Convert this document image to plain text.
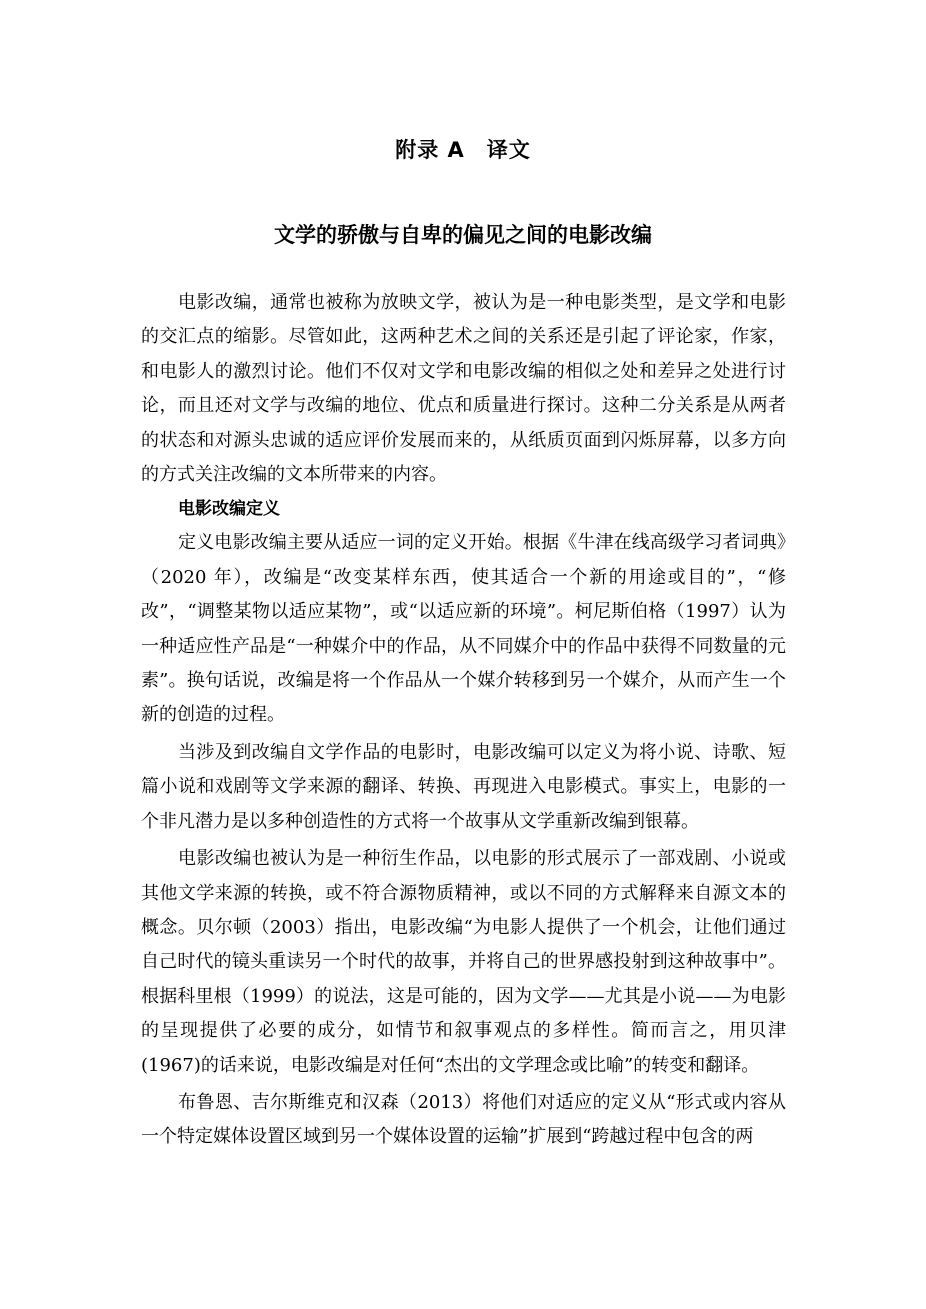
附录 A　译文
文学的骄傲与自卑的偏见之间的电影改编

电影改编，通常也被称为放映文学，被认为是一种电影类型，是文学和电影的交汇点的缩影。尽管如此，这两种艺术之间的关系还是引起了评论家，作家，和电影人的激烈讨论。他们不仅对文学和电影改编的相似之处和差异之处进行讨论，而且还对文学与改编的地位、优点和质量进行探讨。这种二分关系是从两者的状态和对源头忠诚的适应评价发展而来的，从纸质页面到闪烁屏幕，以多方向的方式关注改编的文本所带来的内容。

电影改编定义

定义电影改编主要从适应一词的定义开始。根据《牛津在线高级学习者词典》（2020 年），改编是“改变某样东西，使其适合一个新的用途或目的”，“修改”，“调整某物以适应某物”，或“以适应新的环境”。柯尼斯伯格（1997）认为一种适应性产品是“一种媒介中的作品，从不同媒介中的作品中获得不同数量的元素”。换句话说，改编是将一个作品从一个媒介转移到另一个媒介，从而产生一个新的创造的过程。

当涉及到改编自文学作品的电影时，电影改编可以定义为将小说、诗歌、短篇小说和戏剧等文学来源的翻译、转换、再现进入电影模式。事实上，电影的一个非凡潜力是以多种创造性的方式将一个故事从文学重新改编到银幕。

电影改编也被认为是一种衍生作品，以电影的形式展示了一部戏剧、小说或其他文学来源的转换，或不符合源物质精神，或以不同的方式解释来自源文本的概念。贝尔顿（2003）指出，电影改编“为电影人提供了一个机会，让他们通过自己时代的镜头重读另一个时代的故事，并将自己的世界感投射到这种故事中”。根据科里根（1999）的说法，这是可能的，因为文学——尤其是小说——为电影的呈现提供了必要的成分，如情节和叙事观点的多样性。简而言之，用贝津(1967)的话来说，电影改编是对任何“杰出的文学理念或比喻”的转变和翻译。

布鲁恩、吉尔斯维克和汉森（2013）将他们对适应的定义从“形式或内容从一个特定媒体设置区域到另一个媒体设置的运输”扩展到“跨越过程中包含的两
